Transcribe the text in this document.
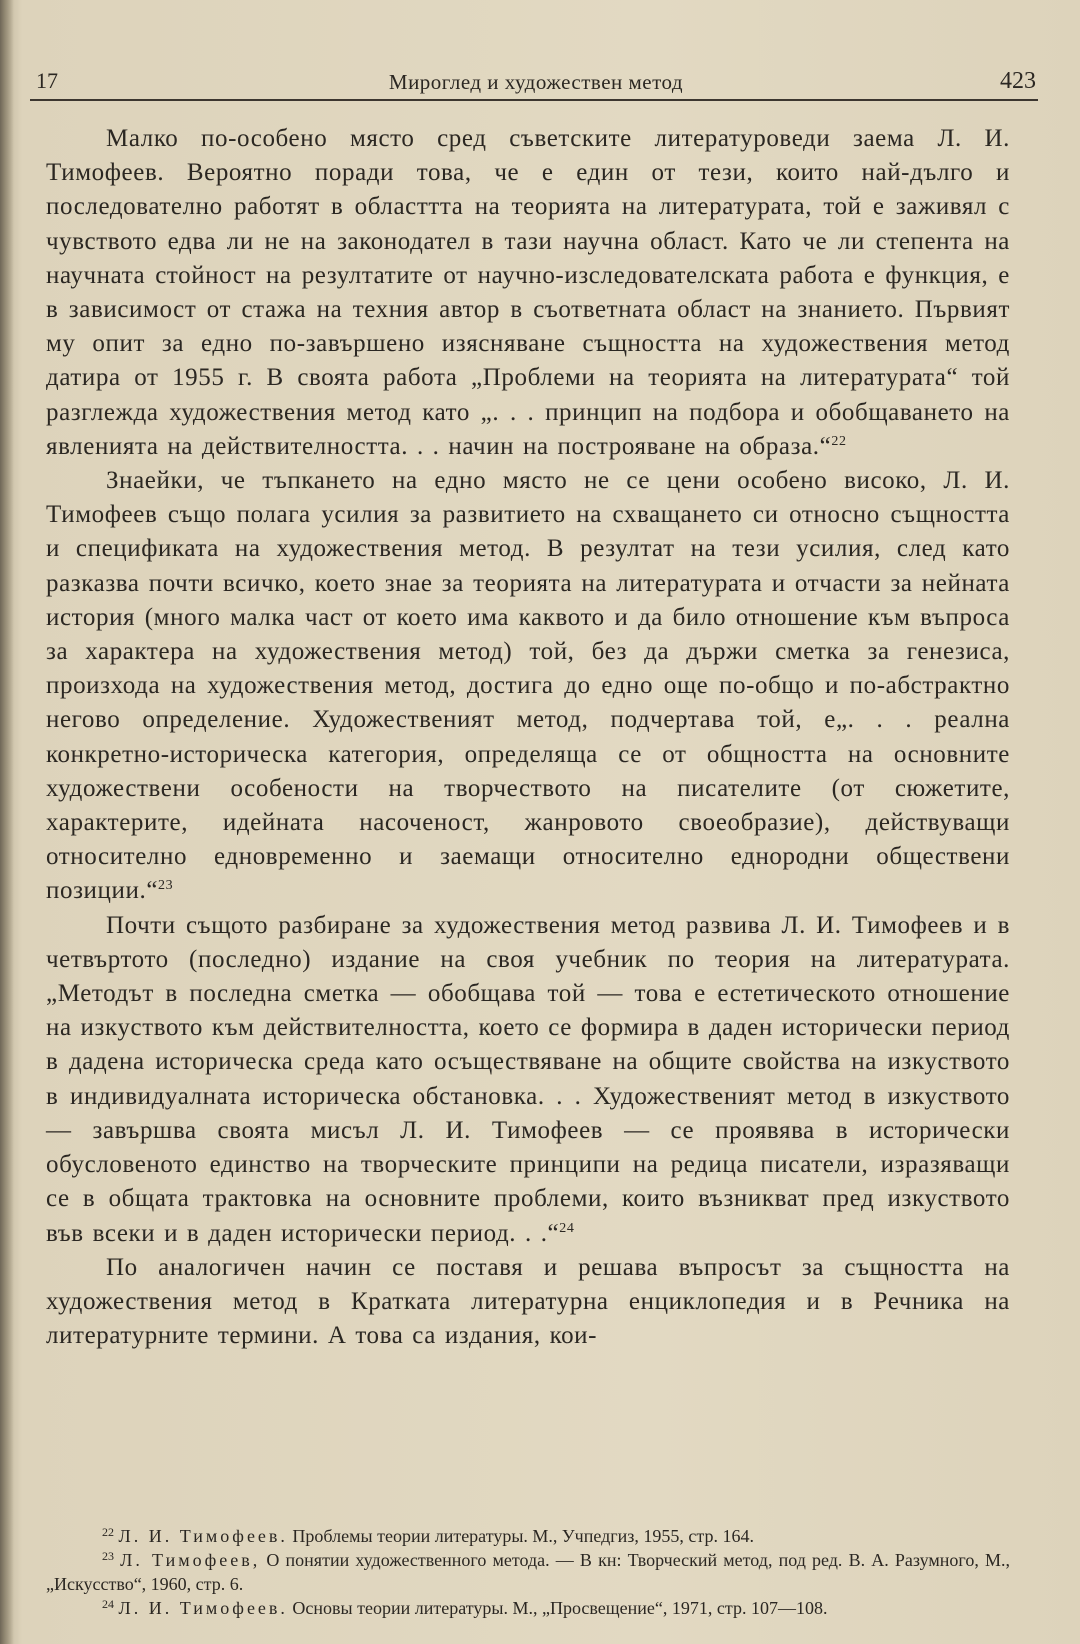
17	Мироглед и художествен метод	423

Малко по-особено място сред съветските литературоведи заема Л. И. Тимофеев. Вероятно поради това, че е един от тези, които най-дълго и последователно работят в областтта на теорията на литературата, той е заживял с чувството едва ли не на законодател в тази научна област. Като че ли степента на научната стойност на резултатите от научно-изследователската работа е функция, е в зависимост от стажа на техния автор в съответната област на знанието. Първият му опит за едно по-завършено изясняване същността на художествения метод датира от 1955 г. В своята работа „Проблеми на теорията на литературата“ той разглежда художествения метод като „. . . принцип на подбора и обобщаването на явленията на действителността. . . начин на построяване на образа.“$^{22}$

Знаейки, че тъпкането на едно място не се цени особено високо, Л. И. Тимофеев също полага усилия за развитието на схващането си относно същността и спецификата на художествения метод. В резултат на тези усилия, след като разказва почти всичко, което знае за теорията на литературата и отчасти за нейната история (много малка част от което има каквото и да било отношение към въпроса за характера на художествения метод) той, без да държи сметка за генезиса, произхода на художествения метод, достига до едно още по-общо и по-абстрактно негово определение. Художественият метод, подчертава той, е„. . . реална конкретно-историческа категория, определяща се от общността на основните художествени особености на творчеството на писателите (от сюжетите, характерите, идейната насоченост, жанровото своеобразие), действуващи относително едновременно и заемащи относително еднородни обществени позиции.“$^{23}$

Почти същото разбиране за художествения метод развива Л. И. Тимофеев и в четвъртото (последно) издание на своя учебник по теория на литературата. „Методът в последна сметка — обобщава той — това е естетическото отношение на изкуството към действителността, което се формира в даден исторически период в дадена историческа среда като осъществяване на общите свойства на изкуството в индивидуалната историческа обстановка. . . Художественият метод в изкуството — завършва своята мисъл Л. И. Тимофеев — се проявява в исторически обусловеното единство на творческите принципи на редица писатели, изразяващи се в общата трактовка на основните проблеми, които възникват пред изкуството във всеки и в даден исторически период. . .“$^{24}$

По аналогичен начин се поставя и решава въпросът за същността на художествения метод в Кратката литературна енциклопедия и в Речника на литературните термини. А това са издания, кои-

$^{22}$ Л. И. Тимофеев. Проблемы теории литературы. М., Учпедгиз, 1955, стр. 164.

$^{23}$ Л. Тимофеев, О понятии художественного метода. — В кн: Творческий метод, под ред. В. А. Разумного, М., „Искусство“, 1960, стр. 6.

$^{24}$ Л. И. Тимофеев. Основы теории литературы. М., „Просвещение“, 1971, стр. 107—108.
